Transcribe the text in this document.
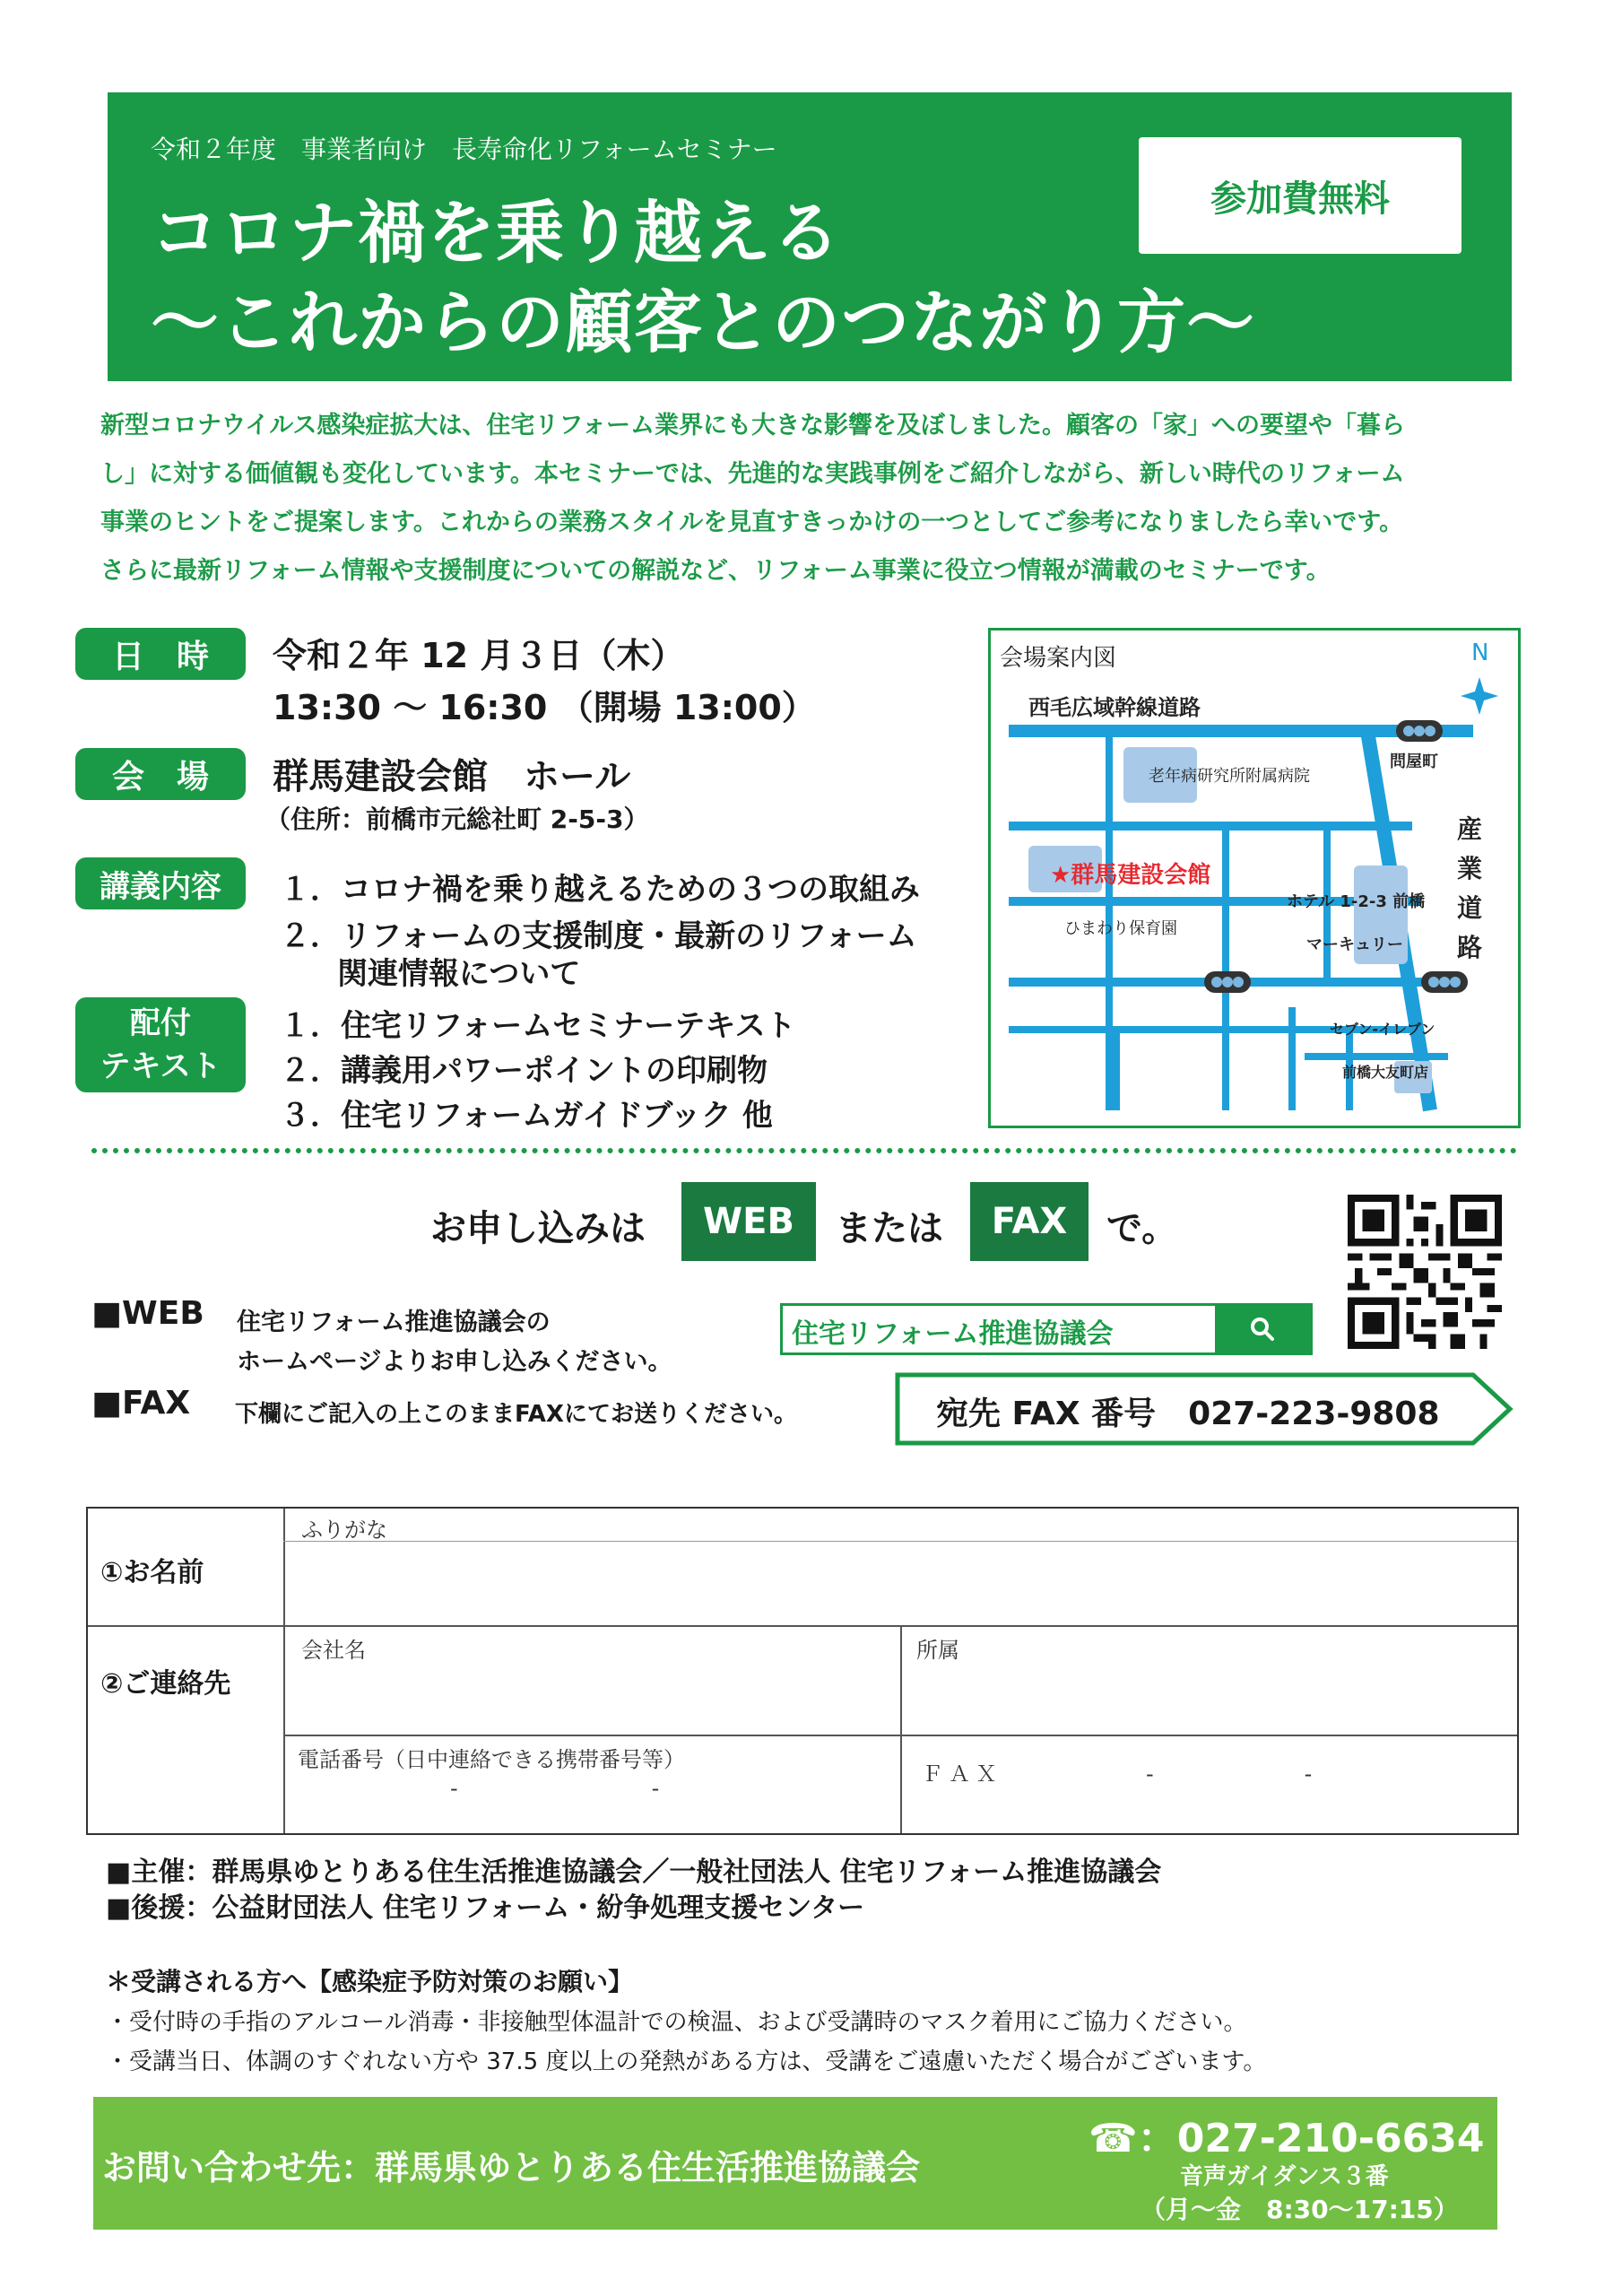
令和２年度　事業者向け　長寿命化リフォームセミナー
コロナ禍を乗り越える
～これからの顧客とのつながり方～
参加費無料

新型コロナウイルス感染症拡大は、住宅リフォーム業界にも大きな影響を及ぼしました。顧客の「家」への要望や「暮ら

し」に対する価値観も変化しています。本セミナーでは、先進的な実践事例をご紹介しながら、新しい時代のリフォーム

事業のヒントをご提案します。これからの業務スタイルを見直すきっかけの一つとしてご参考になりましたら幸いです。

さらに最新リフォーム情報や支援制度についての解説など、リフォーム事業に役立つ情報が満載のセミナーです。

日　時	令和２年 12 月３日（木）
13:30 ～ 16:30 （開場 13:00）
会　場	群馬建設会館　ホール
（住所：前橋市元総社町 2-5-3）
講義内容	１．コロナ禍を乗り越えるための３つの取組み
２．リフォームの支援制度・最新のリフォーム
関連情報について
配付
テキスト
１．住宅リフォームセミナーテキスト
２．講義用パワーポイントの印刷物
３．住宅リフォームガイドブック 他
会場案内図	N
西毛広域幹線道路
老年病研究所附属病院
問屋町
★群馬建設会館
ひまわり保育園
ホテル 1-2-3 前橋
マーキュリー
セブン-イレブン
前橋大友町店
産
業
道
路
お申し込みは	WEB	または	FAX	で。
■WEB 住宅リフォーム推進協議会の
ホームページよりお申し込みください。
■FAX 下欄にご記入の上このままFAXにてお送りください。
住宅リフォーム推進協議会
宛先 FAX 番号　027-223-9808
①お名前
ふりがな
②ご連絡先
会社名	所属
電話番号（日中連絡できる携帯番号等）
-　　　　　　　　　-
ＦＡＸ	-　　　　　　　-
■主催：群馬県ゆとりある住生活推進協議会／一般社団法人 住宅リフォーム推進協議会
■後援：公益財団法人 住宅リフォーム・紛争処理支援センター
＊受講される方へ【感染症予防対策のお願い】
・受付時の手指のアルコール消毒・非接触型体温計での検温、および受講時のマスク着用にご協力ください。
・受講当日、体調のすぐれない方や 37.5 度以上の発熱がある方は、受講をご遠慮いただく場合がございます。
お問い合わせ先：群馬県ゆとりある住生活推進協議会
☎：027-210-6634
音声ガイダンス３番
（月～金　8:30～17:15）
